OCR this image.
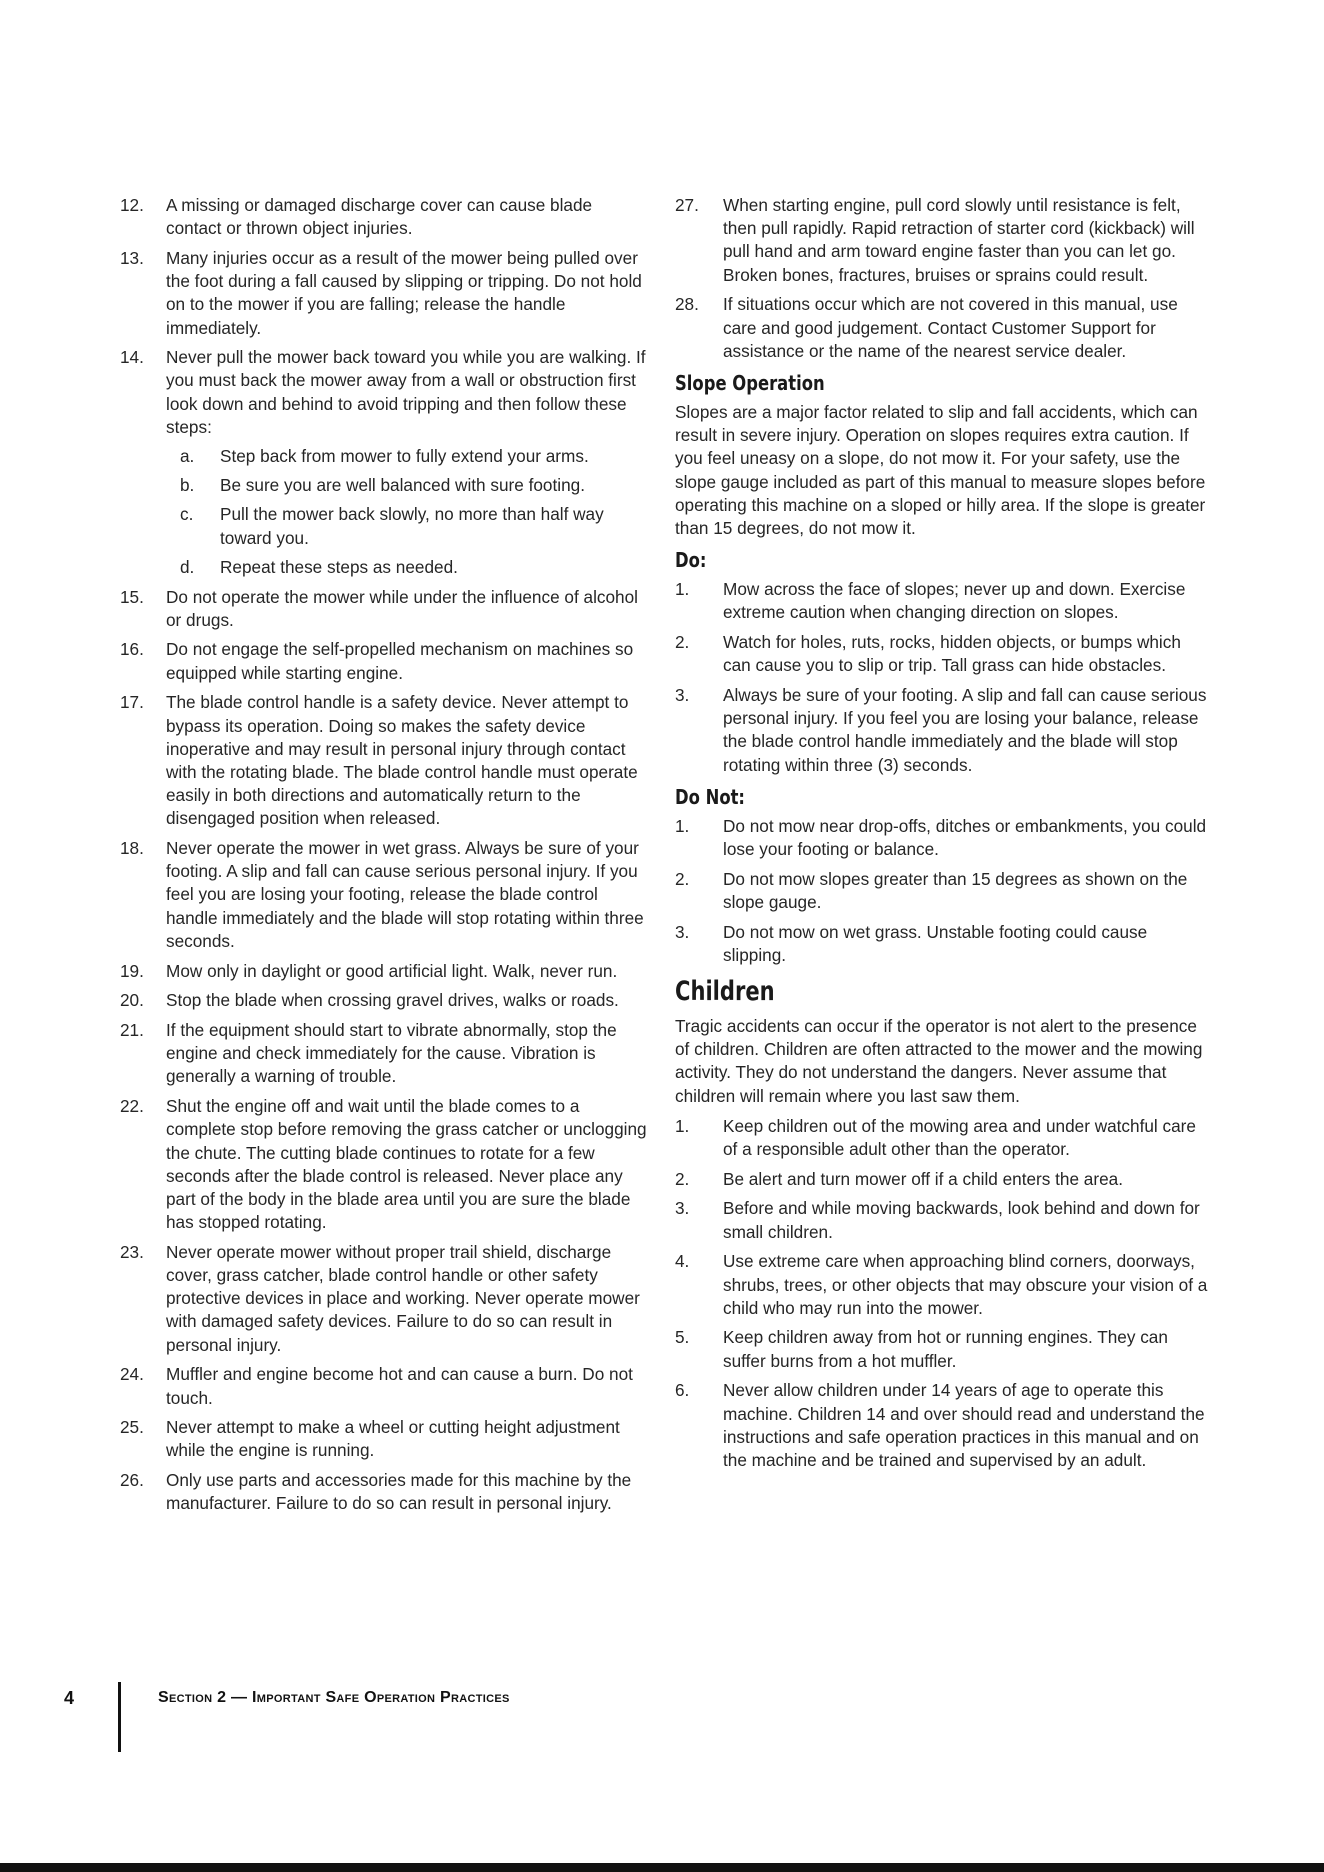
12.	A missing or damaged discharge cover can cause blade contact or thrown object injuries.
13.	Many injuries occur as a result of the mower being pulled over the foot during a fall caused by slipping or tripping. Do not hold on to the mower if you are falling; release the handle immediately.
14.	Never pull the mower back toward you while you are walking. If you must back the mower away from a wall or obstruction first look down and behind to avoid tripping and then follow these steps:
a.	Step back from mower to fully extend your arms.
b.	Be sure you are well balanced with sure footing.
c.	Pull the mower back slowly, no more than half way toward you.
d.	Repeat these steps as needed.
15.	Do not operate the mower while under the influence of alcohol or drugs.
16.	Do not engage the self-propelled mechanism on machines so equipped while starting engine.
17.	The blade control handle is a safety device. Never attempt to bypass its operation. Doing so makes the safety device inoperative and may result in personal injury through contact with the rotating blade. The blade control handle must operate easily in both directions and automatically return to the disengaged position when released.
18.	Never operate the mower in wet grass. Always be sure of your footing. A slip and fall can cause serious personal injury. If you feel you are losing your footing, release the blade control handle immediately and the blade will stop rotating within three seconds.
19.	Mow only in daylight or good artificial light. Walk, never run.
20.	Stop the blade when crossing gravel drives, walks or roads.
21.	If the equipment should start to vibrate abnormally, stop the engine and check immediately for the cause. Vibration is generally a warning of trouble.
22.	Shut the engine off and wait until the blade comes to a complete stop before removing the grass catcher or unclogging the chute. The cutting blade continues to rotate for a few seconds after the blade control is released. Never place any part of the body in the blade area until you are sure the blade has stopped rotating.
23.	Never operate mower without proper trail shield, discharge cover, grass catcher, blade control handle or other safety protective devices in place and working. Never operate mower with damaged safety devices. Failure to do so can result in personal injury.
24.	Muffler and engine become hot and can cause a burn. Do not touch.
25.	Never attempt to make a wheel or cutting height adjustment while the engine is running.
26.	Only use parts and accessories made for this machine by the manufacturer. Failure to do so can result in personal injury.
27.	When starting engine, pull cord slowly until resistance is felt, then pull rapidly. Rapid retraction of starter cord (kickback) will pull hand and arm toward engine faster than you can let go. Broken bones, fractures, bruises or sprains could result.
28.	If situations occur which are not covered in this manual, use care and good judgement. Contact Customer Support for assistance or the name of the nearest service dealer.
Slope Operation
Slopes are a major factor related to slip and fall accidents, which can result in severe injury. Operation on slopes requires extra caution. If you feel uneasy on a slope, do not mow it. For your safety, use the slope gauge included as part of this manual to measure slopes before operating this machine on a sloped or hilly area. If the slope is greater than 15 degrees, do not mow it.
Do:
1.	Mow across the face of slopes; never up and down. Exercise extreme caution when changing direction on slopes.
2.	Watch for holes, ruts, rocks, hidden objects, or bumps which can cause you to slip or trip. Tall grass can hide obstacles.
3.	Always be sure of your footing. A slip and fall can cause serious personal injury. If you feel you are losing your balance, release the blade control handle immediately and the blade will stop rotating within three (3) seconds.
Do Not:
1.	Do not mow near drop-offs, ditches or embankments, you could lose your footing or balance.
2.	Do not mow slopes greater than 15 degrees as shown on the slope gauge.
3.	Do not mow on wet grass. Unstable footing could cause slipping.
Children
Tragic accidents can occur if the operator is not alert to the presence of children. Children are often attracted to the mower and the mowing activity. They do not understand the dangers. Never assume that children will remain where you last saw them.
1.	Keep children out of the mowing area and under watchful care of a responsible adult other than the operator.
2.	Be alert and turn mower off if a child enters the area.
3.	Before and while moving backwards, look behind and down for small children.
4.	Use extreme care when approaching blind corners, doorways, shrubs, trees, or other objects that may obscure your vision of a child who may run into the mower.
5.	Keep children away from hot or running engines. They can suffer burns from a hot muffler.
6.	Never allow children under 14 years of age to operate this machine. Children 14 and over should read and understand the instructions and safe operation practices in this manual and on the machine and be trained and supervised by an adult.
4	Section 2 — Important Safe Operation Practices
